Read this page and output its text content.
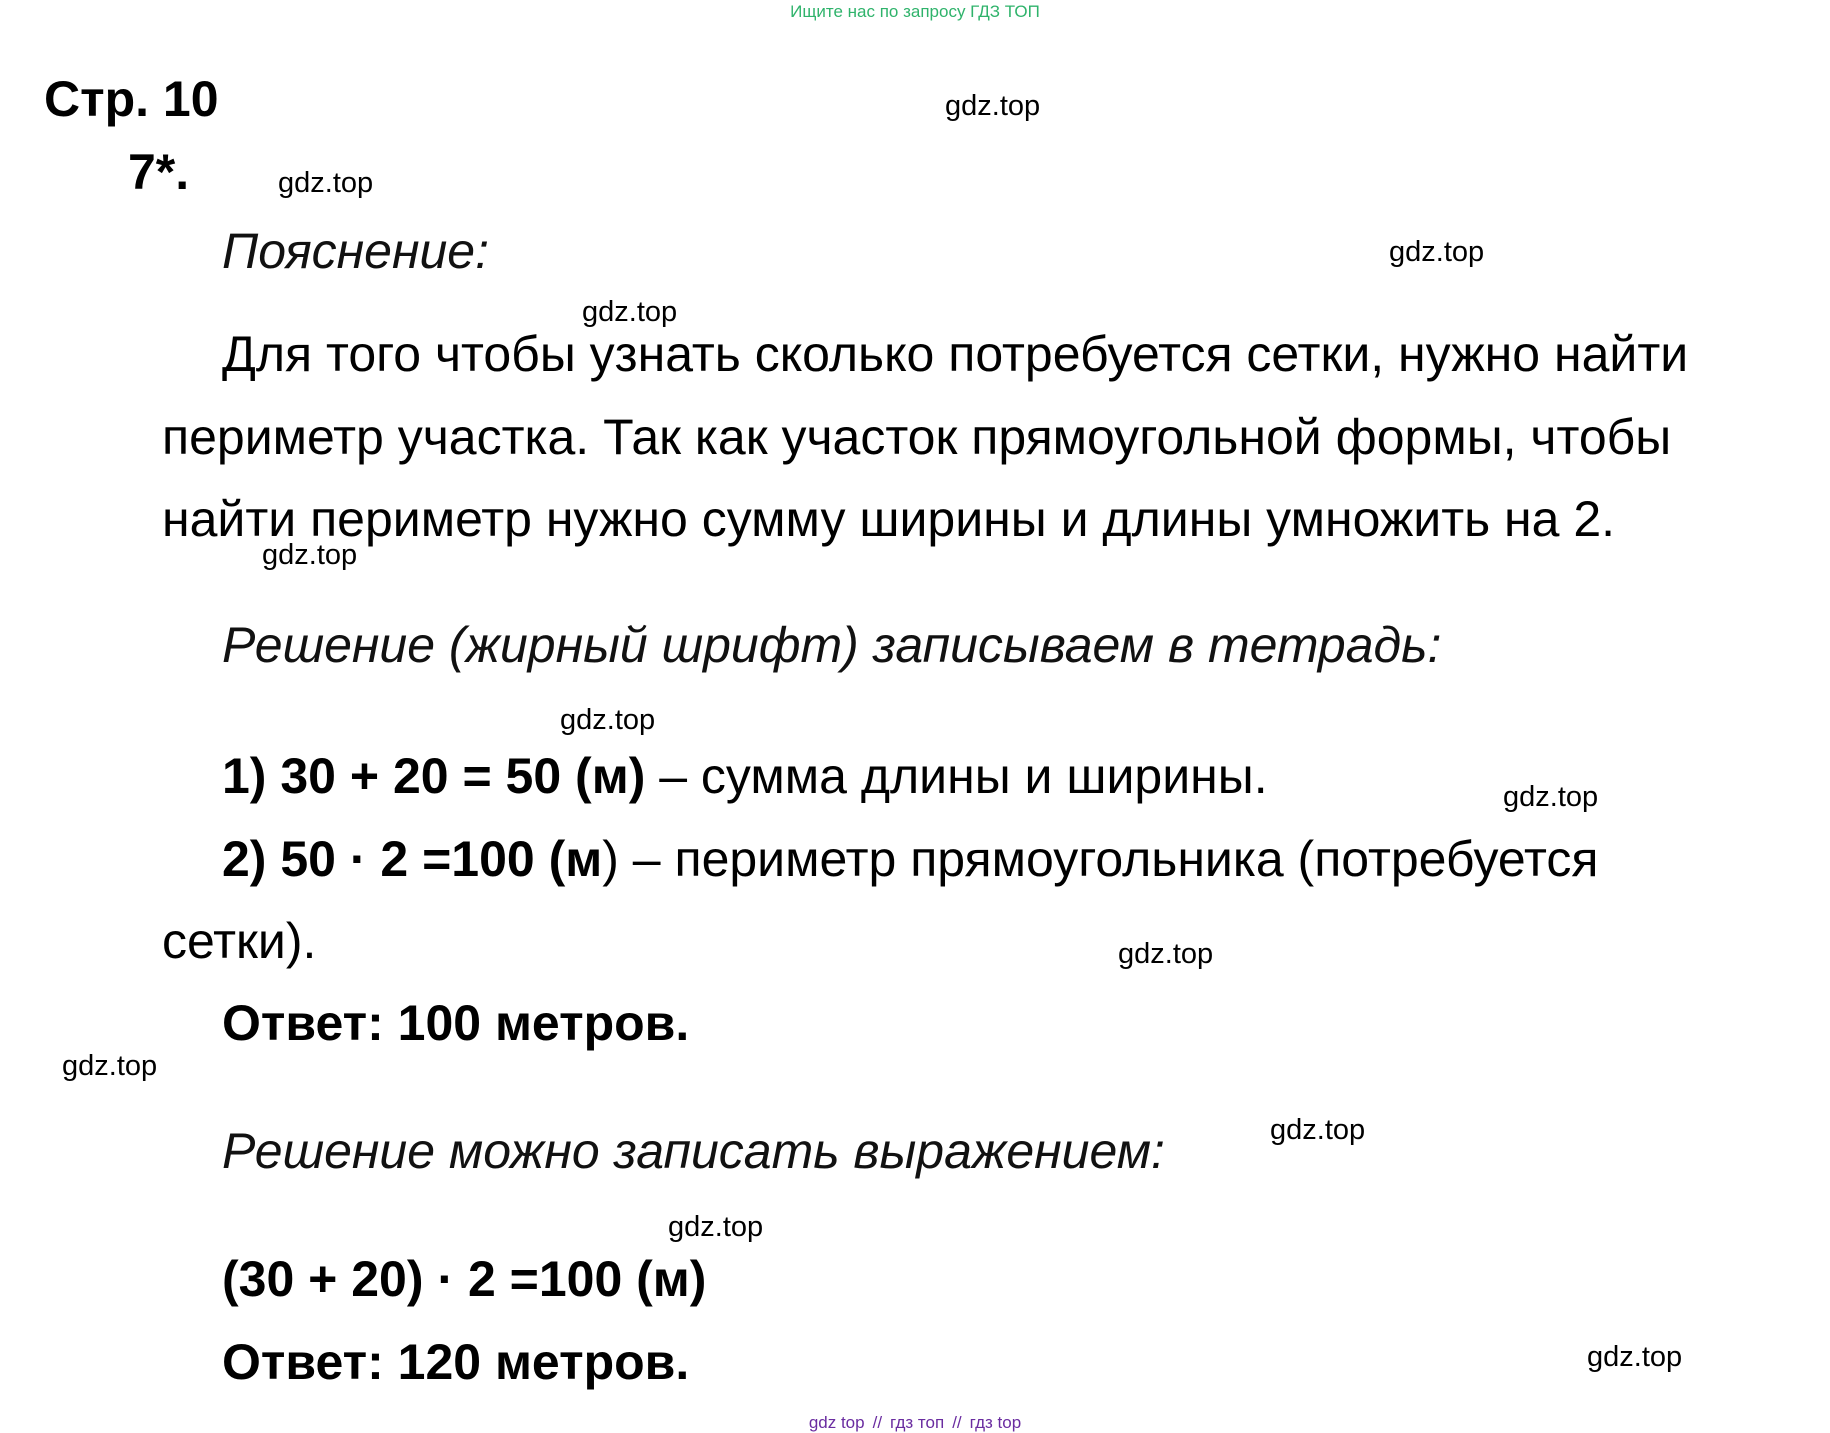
Ищите нас по запросу ГДЗ ТОП
Стр. 10
7*.
Пояснение:
Для того чтобы узнать сколько потребуется сетки, нужно найти
периметр участка. Так как участок прямоугольной формы, чтобы
найти периметр нужно сумму ширины и длины умножить на 2.
Решение (жирный шрифт) записываем в тетрадь:
1) 30 + 20 = 50 (м) – сумма длины и ширины.
2) 50 · 2 =100 (м) – периметр прямоугольника (потребуется
сетки).
Ответ: 100 метров.
Решение можно записать выражением:
(30 + 20) · 2 =100 (м)
Ответ: 120 метров.
gdz.top
gdz.top
gdz.top
gdz.top
gdz.top
gdz.top
gdz.top
gdz.top
gdz.top
gdz.top
gdz.top
gdz.top
gdz top // гдз топ // гдз top
